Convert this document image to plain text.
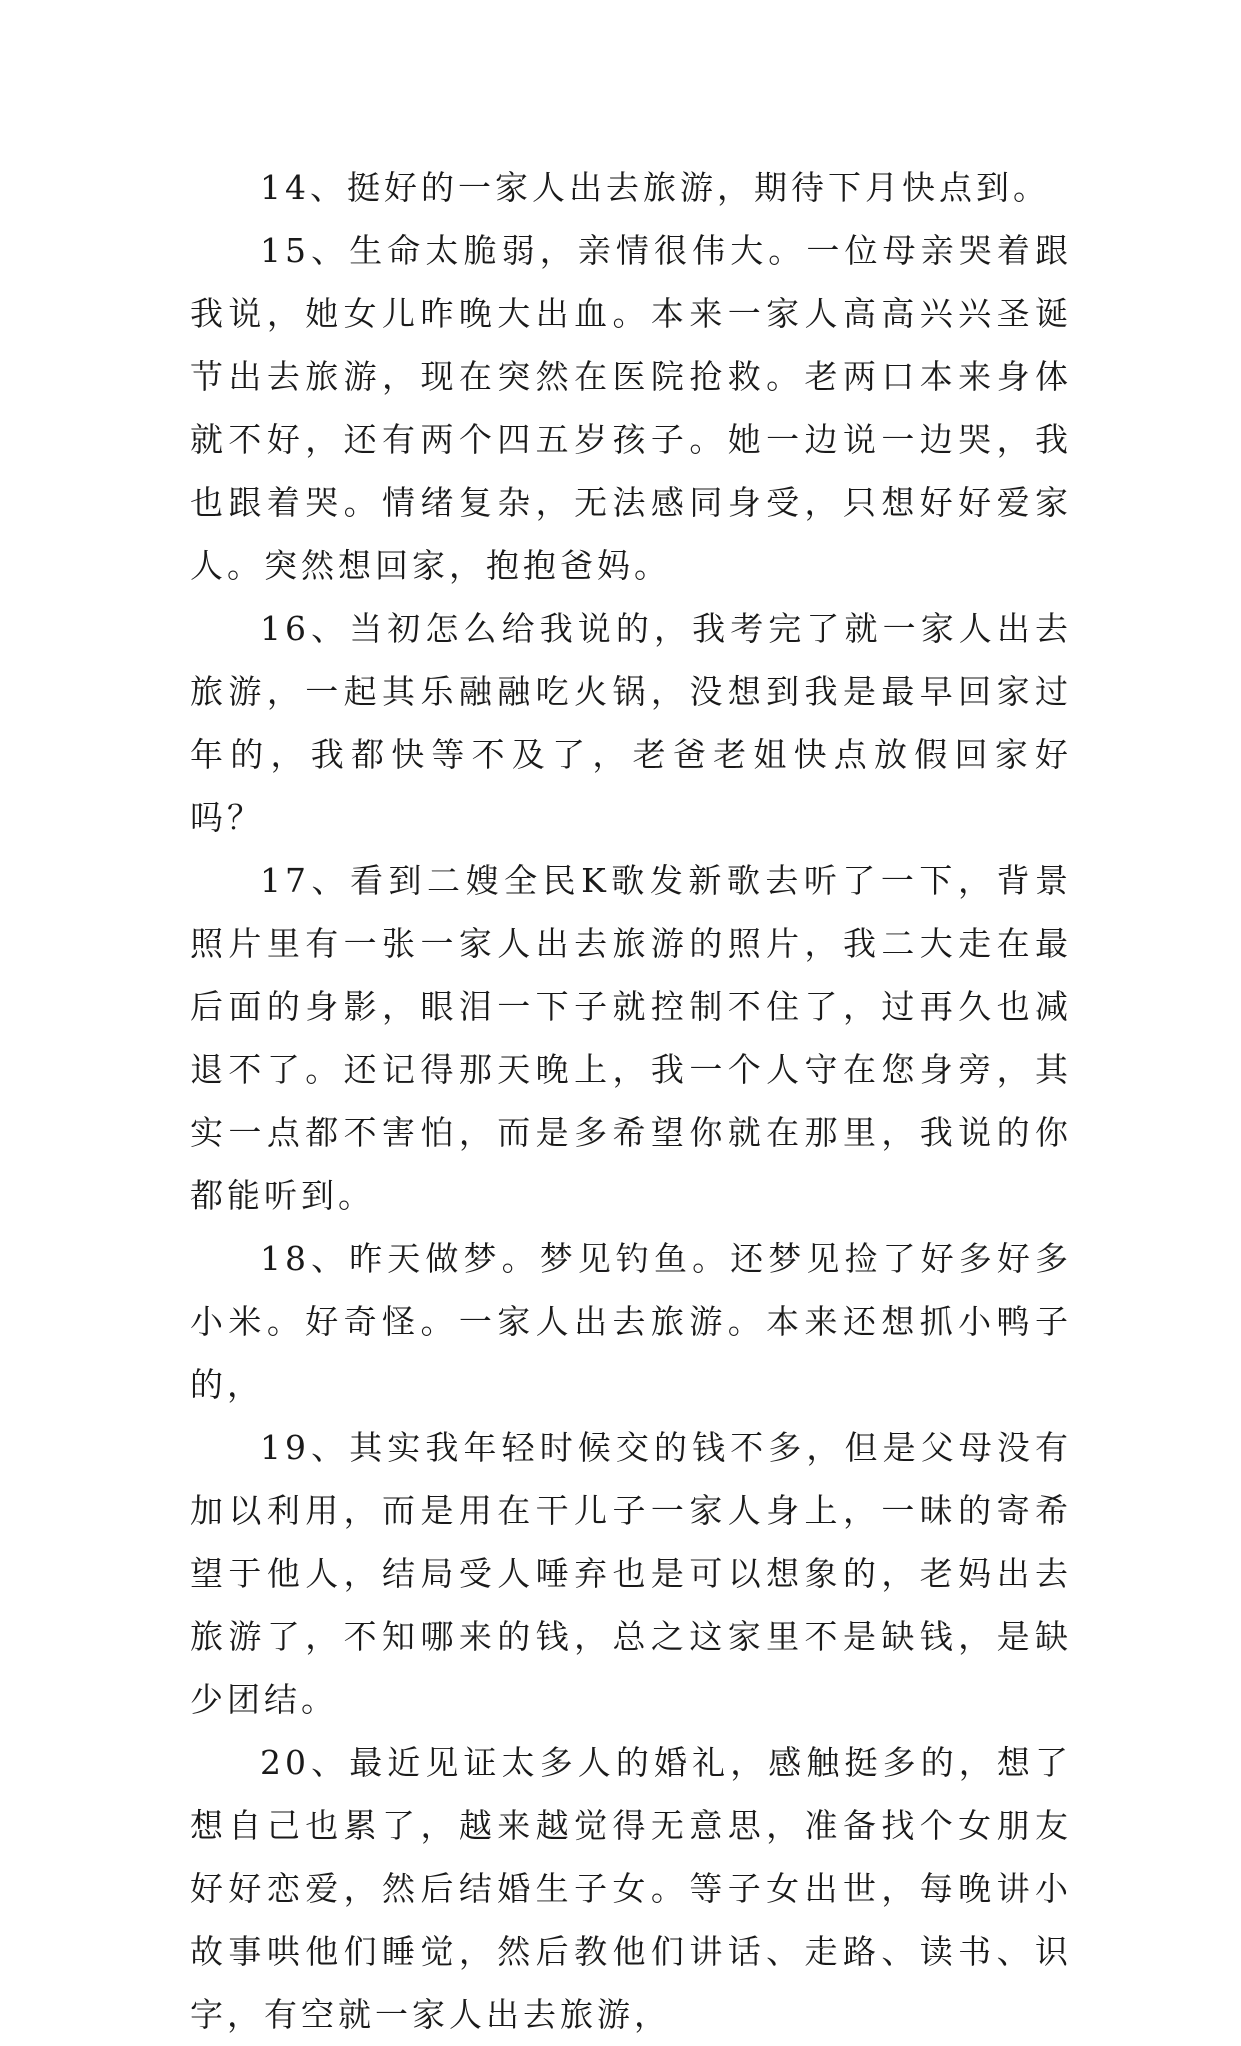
14、挺好的一家人出去旅游，期待下月快点到。

15、生命太脆弱，亲情很伟大。一位母亲哭着跟我说，她女儿昨晚大出血。本来一家人高高兴兴圣诞节出去旅游，现在突然在医院抢救。老两口本来身体就不好，还有两个四五岁孩子。她一边说一边哭，我也跟着哭。情绪复杂，无法感同身受，只想好好爱家人。突然想回家，抱抱爸妈。

16、当初怎么给我说的，我考完了就一家人出去旅游，一起其乐融融吃火锅，没想到我是最早回家过年的，我都快等不及了，老爸老姐快点放假回家好吗？

17、看到二嫂全民K歌发新歌去听了一下，背景照片里有一张一家人出去旅游的照片，我二大走在最后面的身影，眼泪一下子就控制不住了，过再久也减退不了。还记得那天晚上，我一个人守在您身旁，其实一点都不害怕，而是多希望你就在那里，我说的你都能听到。

18、昨天做梦。梦见钓鱼。还梦见捡了好多好多小米。好奇怪。一家人出去旅游。本来还想抓小鸭子的，

19、其实我年轻时候交的钱不多，但是父母没有加以利用，而是用在干儿子一家人身上，一昧的寄希望于他人，结局受人唾弃也是可以想象的，老妈出去旅游了，不知哪来的钱，总之这家里不是缺钱，是缺少团结。

20、最近见证太多人的婚礼，感触挺多的，想了想自己也累了，越来越觉得无意思，准备找个女朋友好好恋爱，然后结婚生子女。等子女出世，每晚讲小故事哄他们睡觉，然后教他们讲话、走路、读书、识字，有空就一家人出去旅游，
